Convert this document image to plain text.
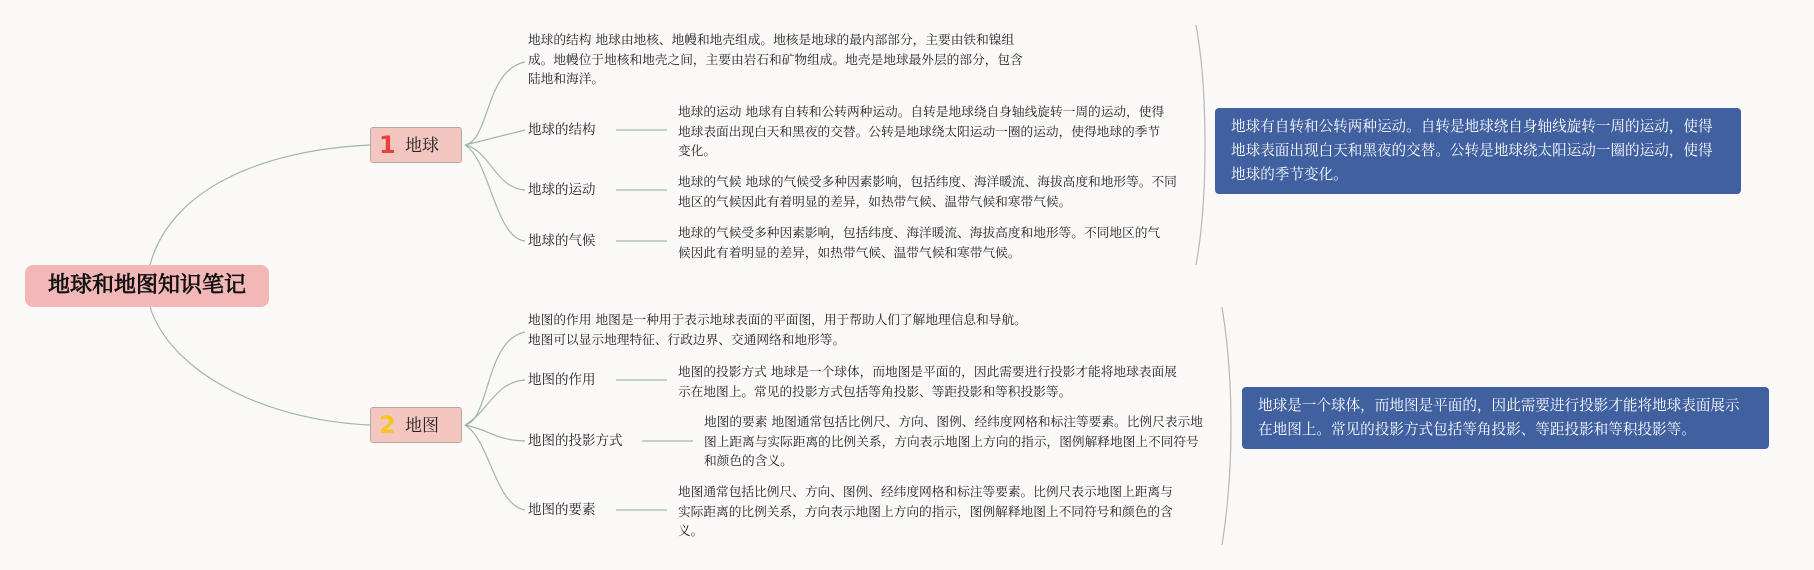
地球和地图知识笔记
1 地球
地球的结构 地球由地核、地幔和地壳组成。地核是地球的最内部部分，主要由铁和镍组成。地幔位于地核和地壳之间，主要由岩石和矿物组成。地壳是地球最外层的部分，包含陆地和海洋。
地球的结构
地球的运动 地球有自转和公转两种运动。自转是地球绕自身轴线旋转一周的运动，使得地球表面出现白天和黑夜的交替。公转是地球绕太阳运动一圈的运动，使得地球的季节变化。
地球的运动
地球的气候 地球的气候受多种因素影响，包括纬度、海洋暖流、海拔高度和地形等。不同地区的气候因此有着明显的差异，如热带气候、温带气候和寒带气候。
地球的气候
地球的气候受多种因素影响，包括纬度、海洋暖流、海拔高度和地形等。不同地区的气候因此有着明显的差异，如热带气候、温带气候和寒带气候。
地球有自转和公转两种运动。自转是地球绕自身轴线旋转一周的运动，使得地球表面出现白天和黑夜的交替。公转是地球绕太阳运动一圈的运动，使得地球的季节变化。
2 地图
地图的作用 地图是一种用于表示地球表面的平面图，用于帮助人们了解地理信息和导航。地图可以显示地理特征、行政边界、交通网络和地形等。
地图的作用
地图的投影方式 地球是一个球体，而地图是平面的，因此需要进行投影才能将地球表面展示在地图上。常见的投影方式包括等角投影、等距投影和等积投影等。
地图的投影方式
地图的要素 地图通常包括比例尺、方向、图例、经纬度网格和标注等要素。比例尺表示地图上距离与实际距离的比例关系，方向表示地图上方向的指示，图例解释地图上不同符号和颜色的含义。
地图的要素
地图通常包括比例尺、方向、图例、经纬度网格和标注等要素。比例尺表示地图上距离与实际距离的比例关系，方向表示地图上方向的指示，图例解释地图上不同符号和颜色的含义。
地球是一个球体，而地图是平面的，因此需要进行投影才能将地球表面展示在地图上。常见的投影方式包括等角投影、等距投影和等积投影等。
